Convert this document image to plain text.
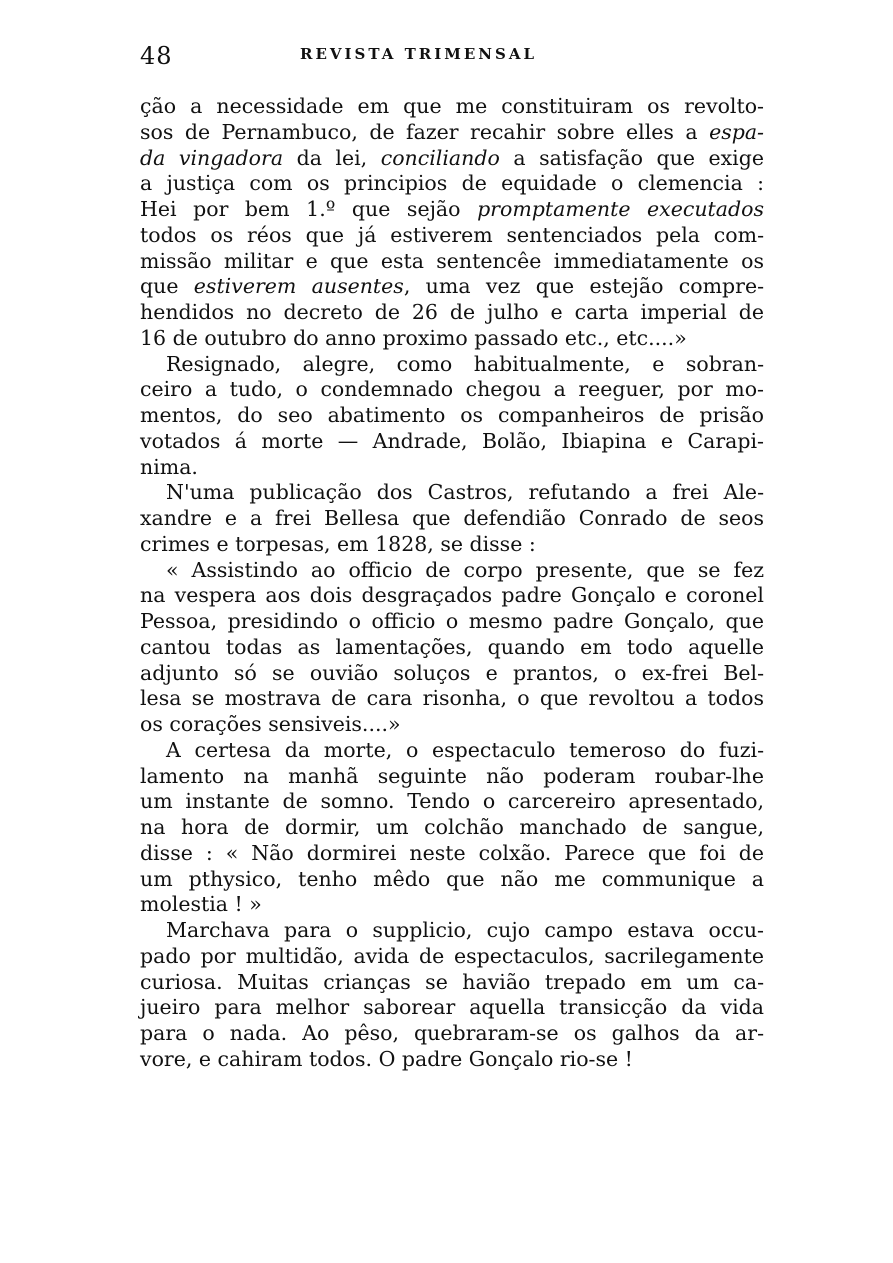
48	REVISTA TRIMENSAL
ção a necessidade em que me constituiram os revolto-
sos de Pernambuco, de fazer recahir sobre elles a espa-
da vingadora da lei, conciliando a satisfação que exige
a justiça com os principios de equidade o clemencia :
Hei por bem 1.º que sejão promptamente executados
todos os réos que já estiverem sentenciados pela com-
missão militar e que esta sentencêe immediatamente os
que estiverem ausentes, uma vez que estejão compre-
hendidos no decreto de 26 de julho e carta imperial de
16 de outubro do anno proximo passado etc., etc....»
Resignado, alegre, como habitualmente, e sobran-
ceiro a tudo, o condemnado chegou a reeguer, por mo-
mentos, do seo abatimento os companheiros de prisão
votados á morte — Andrade, Bolão, Ibiapina e Carapi-
nima.
N'uma publicação dos Castros, refutando a frei Ale-
xandre e a frei Bellesa que defendião Conrado de seos
crimes e torpesas, em 1828, se disse :
« Assistindo ao officio de corpo presente, que se fez
na vespera aos dois desgraçados padre Gonçalo e coronel
Pessoa, presidindo o officio o mesmo padre Gonçalo, que
cantou todas as lamentações, quando em todo aquelle
adjunto só se ouvião soluços e prantos, o ex-frei Bel-
lesa se mostrava de cara risonha, o que revoltou a todos
os corações sensiveis....»
A certesa da morte, o espectaculo temeroso do fuzi-
lamento na manhã seguinte não poderam roubar-lhe
um instante de somno. Tendo o carcereiro apresentado,
na hora de dormir, um colchão manchado de sangue,
disse : « Não dormirei neste colxão. Parece que foi de
um pthysico, tenho mêdo que não me communique a
molestia ! »
Marchava para o supplicio, cujo campo estava occu-
pado por multidão, avida de espectaculos, sacrilegamente
curiosa. Muitas crianças se havião trepado em um ca-
jueiro para melhor saborear aquella transicção da vida
para o nada. Ao pêso, quebraram-se os galhos da ar-
vore, e cahiram todos. O padre Gonçalo rio-se !
